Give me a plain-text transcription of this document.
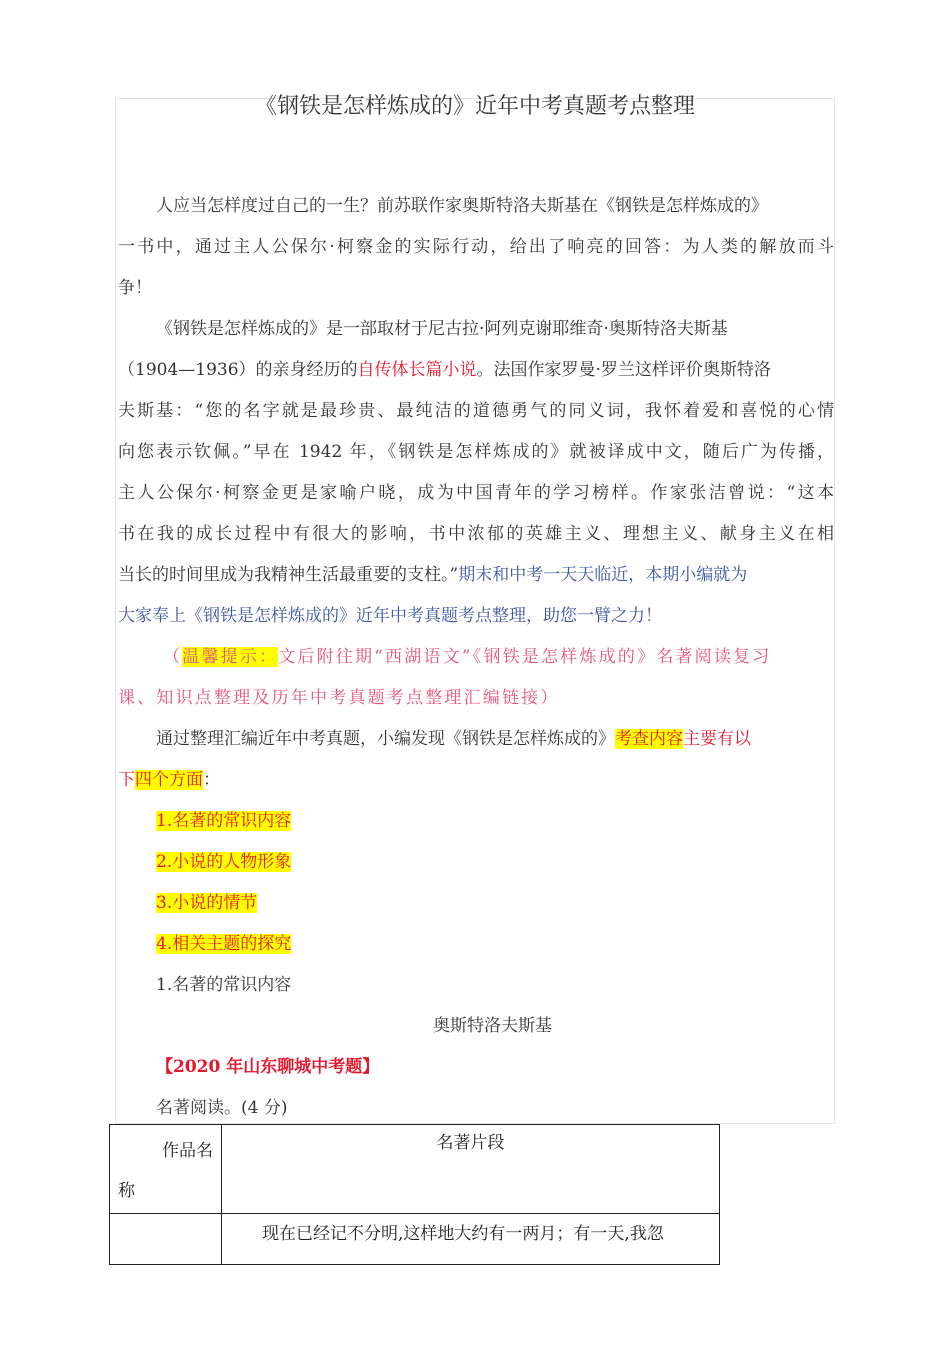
《钢铁是怎样炼成的》近年中考真题考点整理
人应当怎样度过自己的一生？前苏联作家奥斯特洛夫斯基在《钢铁是怎样炼成的》
一书中，通过主人公保尔·柯察金的实际行动，给出了响亮的回答：为人类的解放而斗
争！
《钢铁是怎样炼成的》是一部取材于尼古拉·阿列克谢耶维奇·奥斯特洛夫斯基
（1904—1936）的亲身经历的自传体长篇小说。法国作家罗曼·罗兰这样评价奥斯特洛
夫斯基：“您的名字就是最珍贵、最纯洁的道德勇气的同义词，我怀着爱和喜悦的心情
向您表示钦佩。”早在 1942 年，《钢铁是怎样炼成的》就被译成中文，随后广为传播，
主人公保尔·柯察金更是家喻户晓，成为中国青年的学习榜样。作家张洁曾说：“这本
书在我的成长过程中有很大的影响，书中浓郁的英雄主义、理想主义、献身主义在相
当长的时间里成为我精神生活最重要的支柱。”期末和中考一天天临近，本期小编就为
大家奉上《钢铁是怎样炼成的》近年中考真题考点整理，助您一臂之力！
（温馨提示：文后附往期“西湖语文”《钢铁是怎样炼成的》名著阅读复习
课、知识点整理及历年中考真题考点整理汇编链接）
通过整理汇编近年中考真题，小编发现《钢铁是怎样炼成的》考查内容主要有以
下四个方面：
1.名著的常识内容
2.小说的人物形象
3.小说的情节
4.相关主题的探究
1.名著的常识内容
奥斯特洛夫斯基
【2020 年山东聊城中考题】
名著阅读。(4 分)
作品名
称	名著片段
	现在已经记不分明,这样地大约有一两月；有一天,我忽
